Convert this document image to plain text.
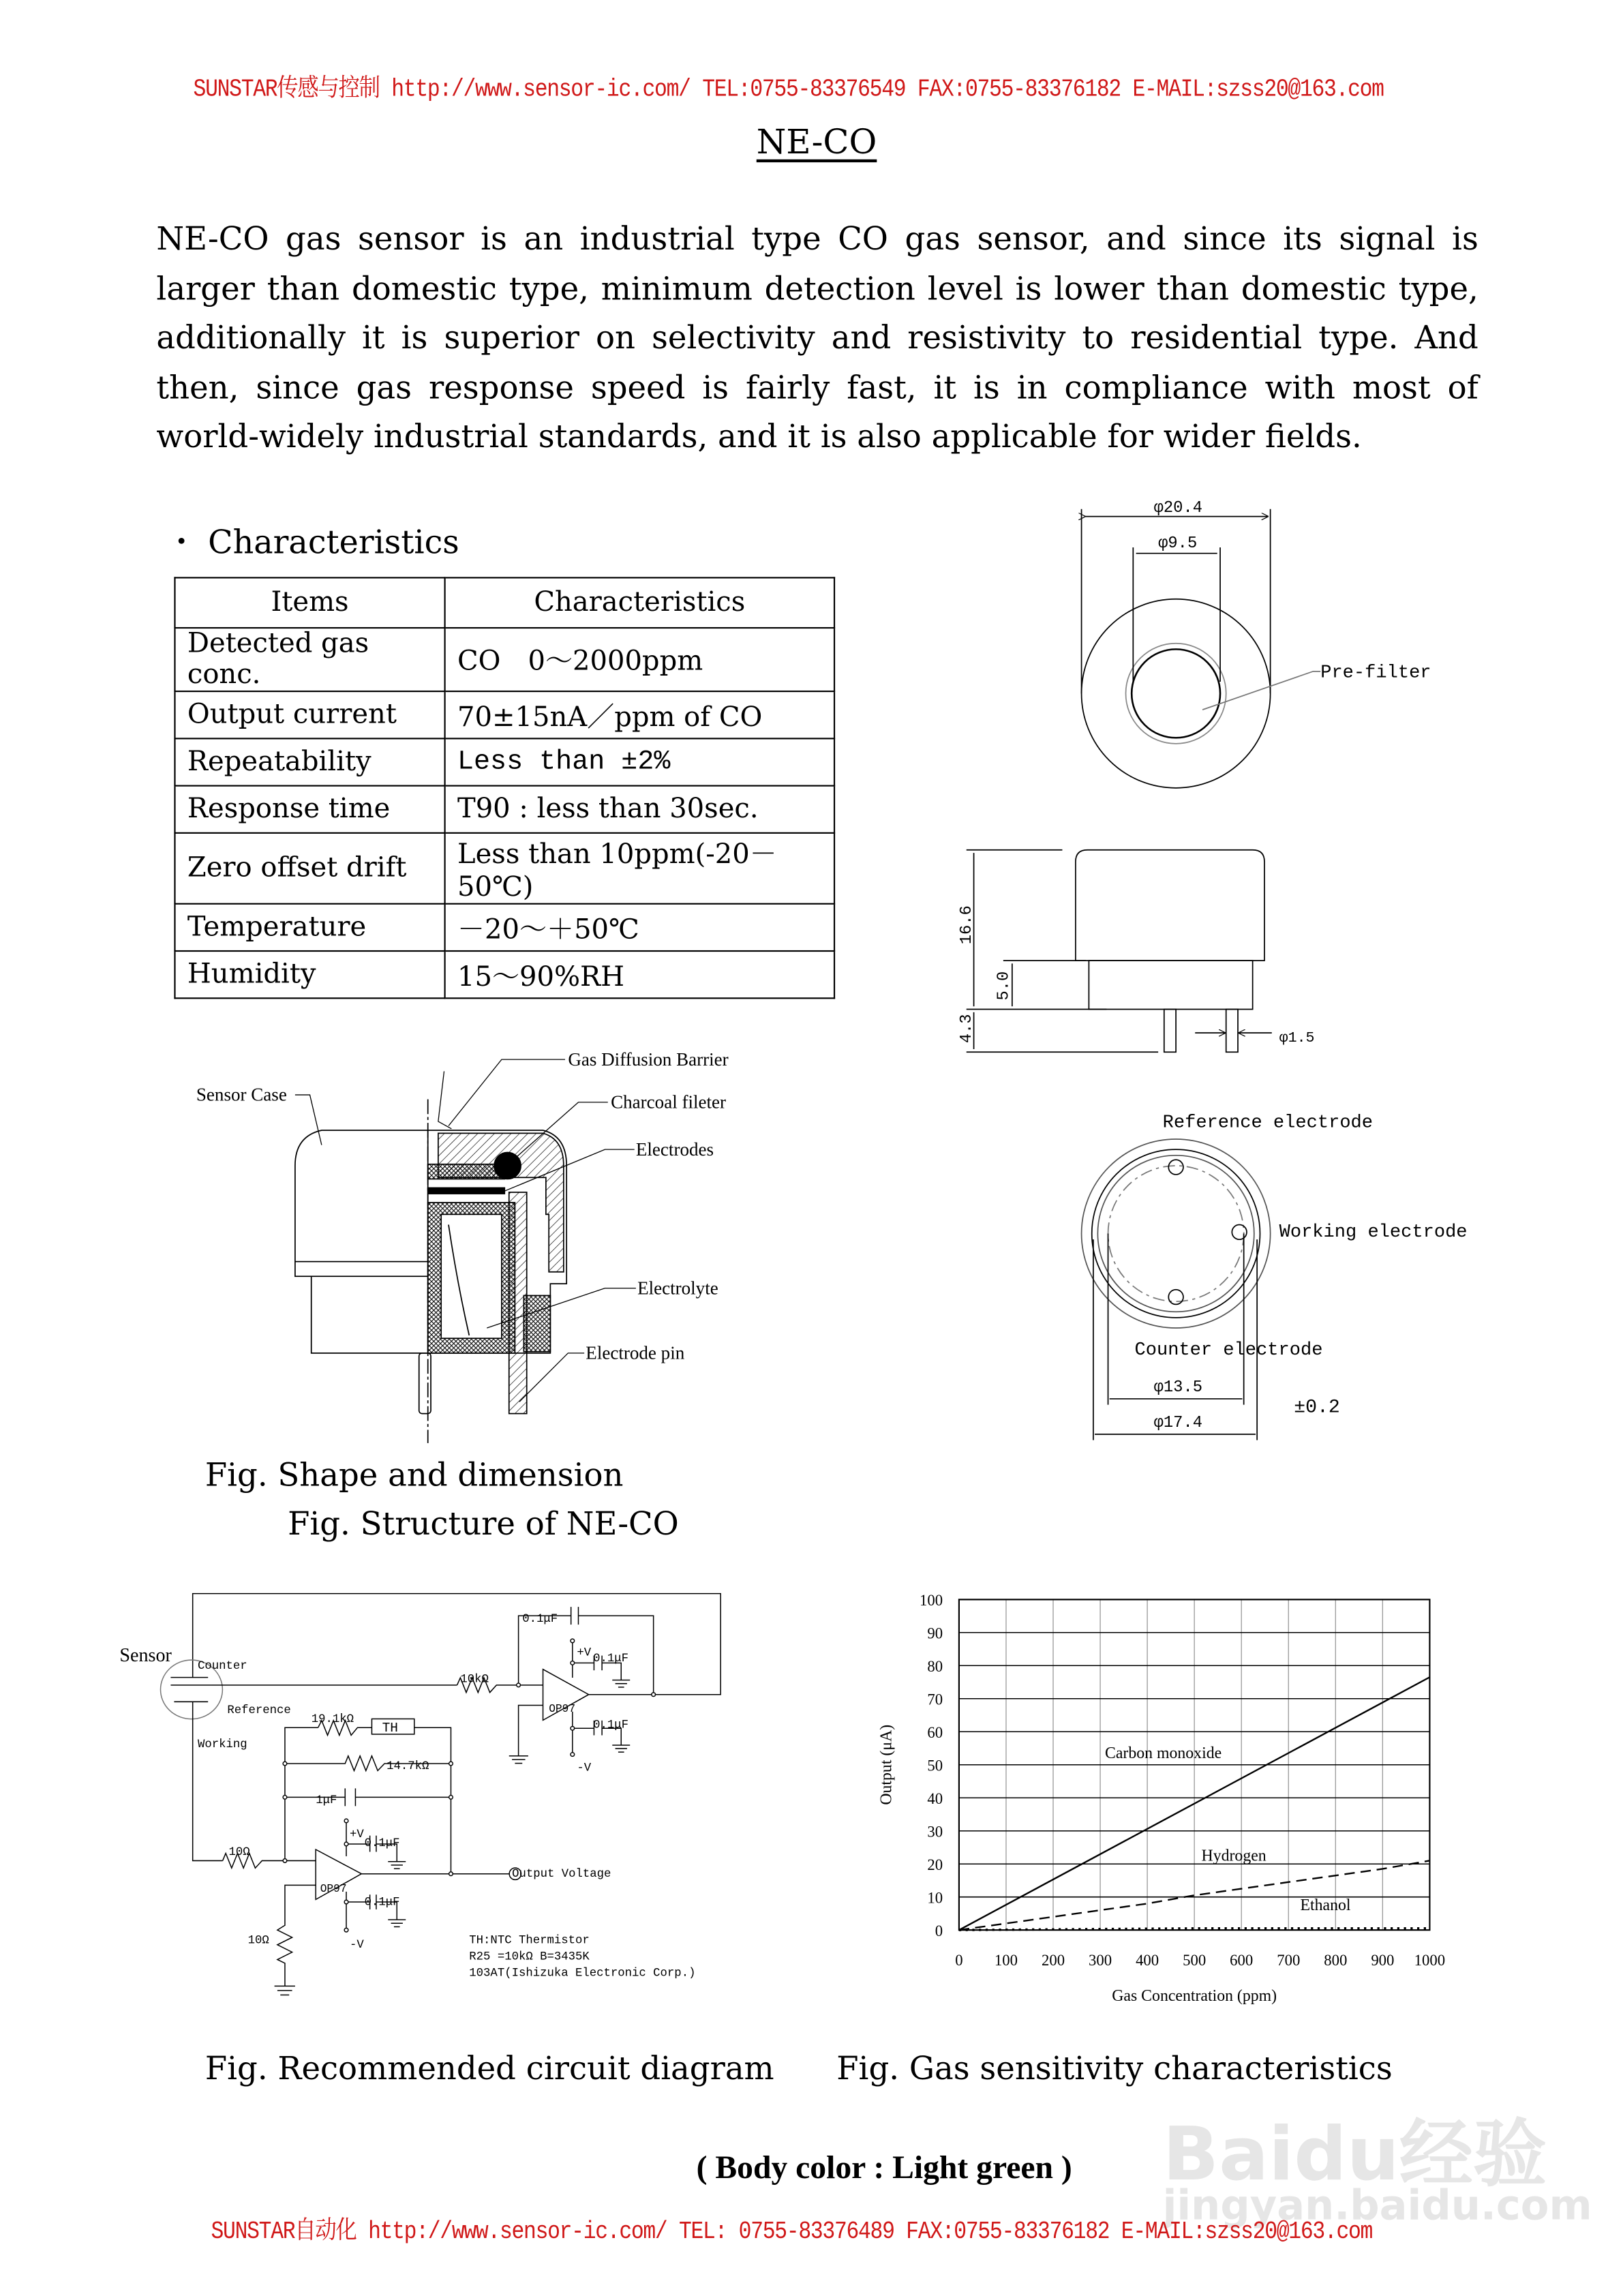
Baidu经验
jingyan.baidu.com
SUNSTAR传感与控制 http://www.sensor-ic.com/ TEL:0755-83376549 FAX:0755-83376182 E-MAIL:szss20@163.com
NE-CO
NE-CO gas sensor is an industrial type CO gas sensor, and since its signal is larger than domestic type, minimum detection level is lower than domestic type, additionally it is superior on selectivity and resistivity to residential type. And then, since gas response speed is fairly fast, it is in compliance with most of world-widely industrial standards, and it is also applicable for wider fields.
・ Characteristics
Items	Characteristics
Detected gas conc.	CO　0～2000ppm
Output current	70±15nA／ppm of CO
Repeatability	Less than ±2%
Response time	T90 : less than 30sec.
Zero offset drift	Less than 10ppm(-20－50℃)
Temperature	－20～＋50℃
Humidity	15～90%RH
φ20.4
φ9.5
Pre-filter
16.6
5.0
4.3	φ1.5
Reference electrode
Working electrode
Counter electrode
φ13.5
φ17.4
±0.2
Sensor Case
Gas Diffusion Barrier
Charcoal fileter
Electrodes
Electrolyte
Electrode pin
Sensor
Counter
Reference
Working
10kΩ
0.1μF
+V 0.1μF
OP97
0.1μF
-V
19.1kΩ
TH
14.7kΩ
1μF
+V
0.1μF
OP97
0.1μF
-V
10Ω
10Ω
Output Voltage
TH:NTC Thermistor
R25 =10kΩ B=3435K
103AT(Ishizuka Electronic Corp.)
0	100	200	300	400	500	600	700	800	900	1000
0
10
20
30
40
50
60
70
80
90
100
Carbon monoxide
Hydrogen
Ethanol
Gas Concentration (ppm)
Output (μA)
Fig. Shape and dimension
Fig. Structure of NE-CO
Fig. Recommended circuit diagram	Fig. Gas sensitivity characteristics
( Body color : Light green )
SUNSTAR自动化 http://www.sensor-ic.com/ TEL: 0755-83376489 FAX:0755-83376182 E-MAIL:szss20@163.com
